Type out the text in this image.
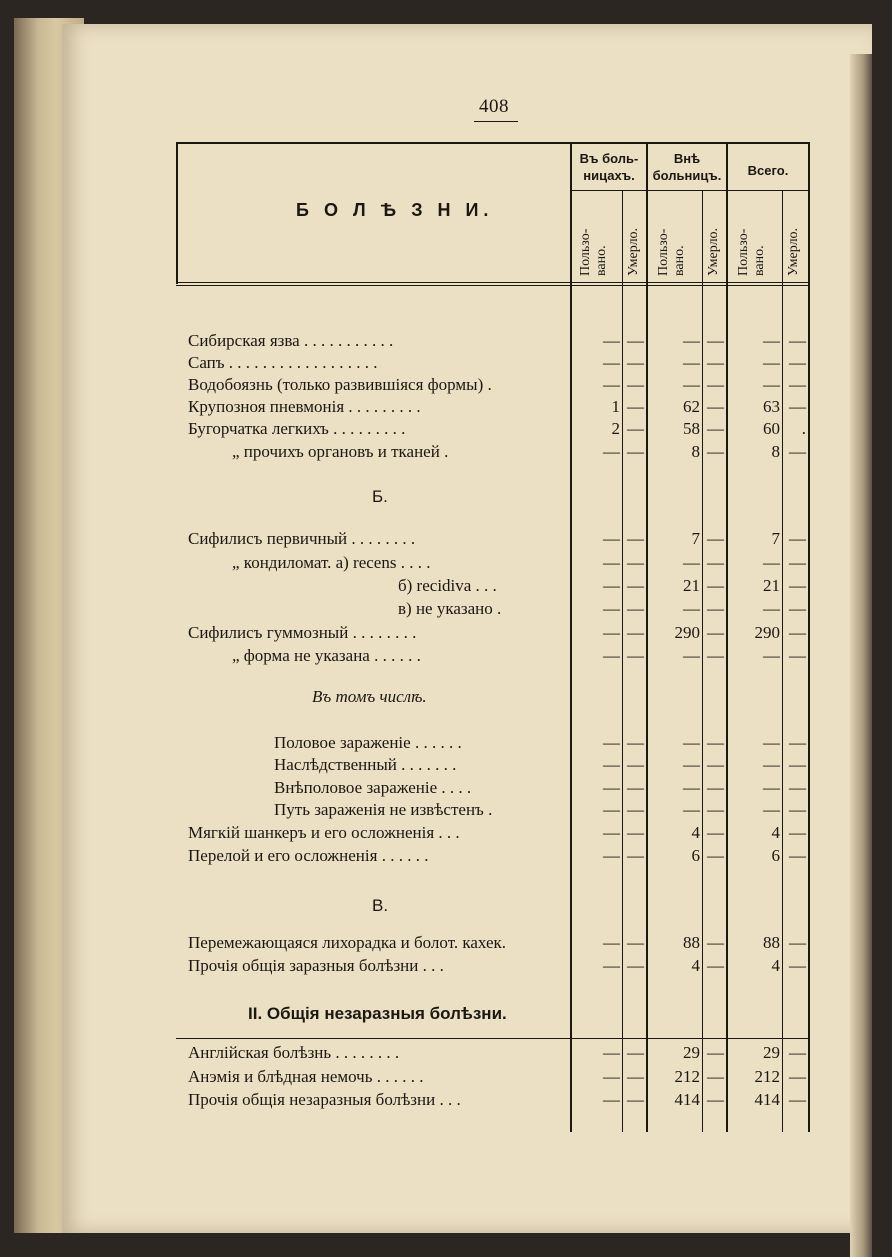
408
Б О Л Ѣ З Н И.
Въ боль-
ницахъ.
Внѣ
больницъ.	Всего.
Пользо-
вано. Умерло. Пользо-
вано. Умерло. Пользо-
вано. Умерло.
Б.
Въ томъ числѣ.
В.
II. Общія незаразныя болѣзни.
Сибирская язва . . . . . . . . . . .	— —	— —	— —
Сапъ . . . . . . . . . . . . . . . . . .	— —	— —	— —
Водобоязнь (только развившіяся формы) .	— —	— —	— —
Крупозноя пневмонія . . . . . . . . .	1 —	62 —	63 —
Бугорчатка легкихъ . . . . . . . . .	2 —	58 —	60	.
„ прочихъ органовъ и тканей .	— —	8 —	8 —
Сифилисъ первичный . . . . . . . .	— —	7 —	7 —
„ кондиломат. а) recens . . . .	— —	— —	— —
б) recidiva . . .	— —	21 —	21 —
в) не указано .	— —	— —	— —
Сифилисъ гуммозный . . . . . . . .	— —	290 —	290 —
„ форма не указана . . . . . .	— —	— —	— —
Половое зараженіе . . . . . .	— —	— —	— —
Наслѣдственный . . . . . . .	— —	— —	— —
Внѣполовое зараженіе . . . .	— —	— —	— —
Путь зараженія не извѣстенъ .	— —	— —	— —
Мягкій шанкеръ и его осложненія . . .	— —	4 —	4 —
Перелой и его осложненія . . . . . .	— —	6 —	6 —
Перемежающаяся лихорадка и болот. кахек.	— —	88 —	88 —
Прочія общія заразныя болѣзни . . .	— —	4 —	4 —
Англійская болѣзнь . . . . . . . .	— —	29 —	29 —
Анэмія и блѣдная немочь . . . . . .	— —	212 —	212 —
Прочія общія незаразныя болѣзни . . .	— —	414 —	414 —
